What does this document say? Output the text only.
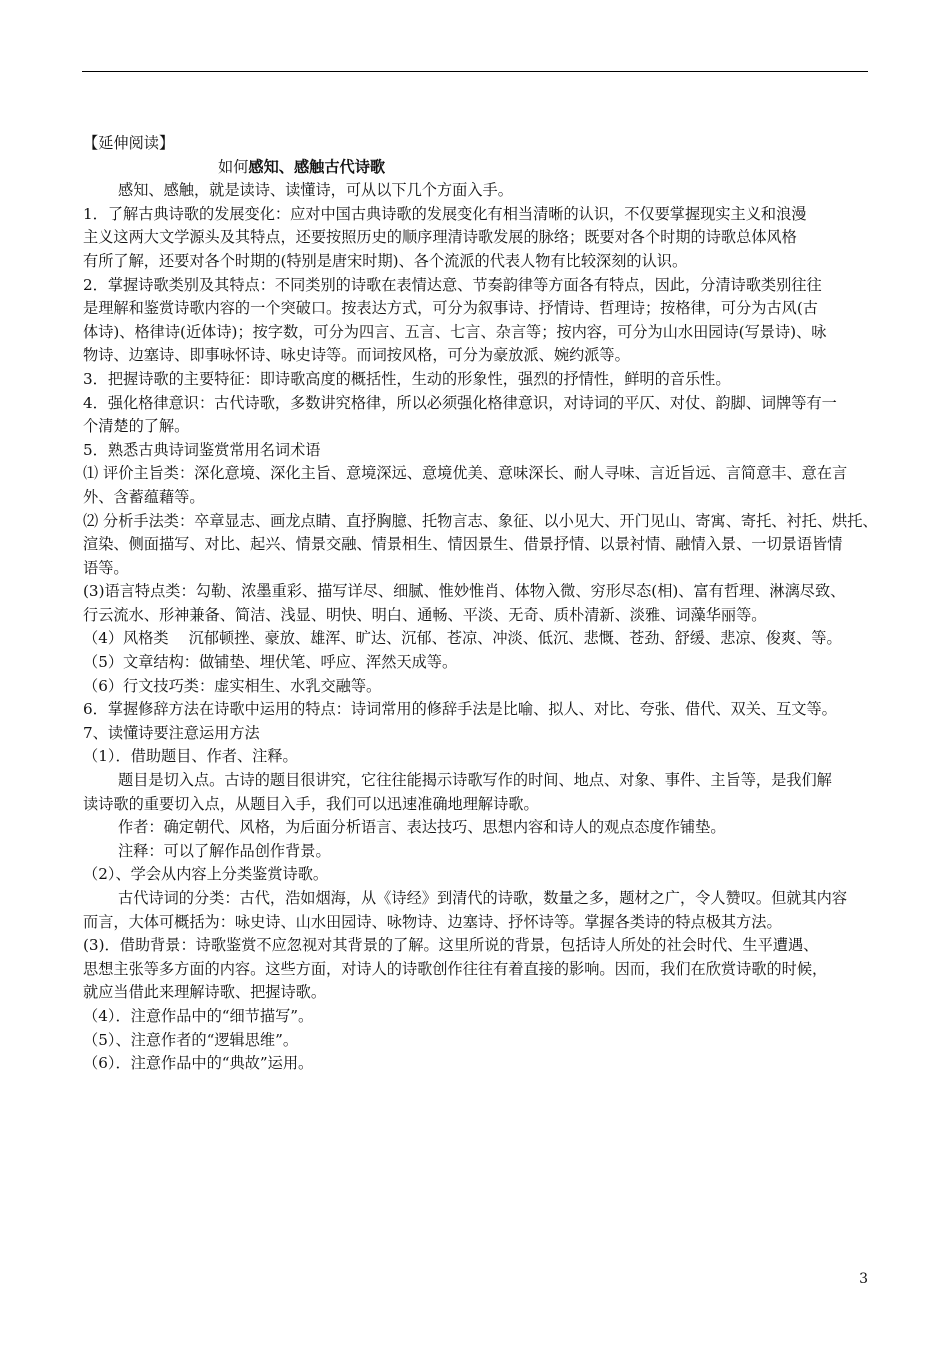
【延伸阅读】
如何感知、感触古代诗歌
感知、感触，就是读诗、读懂诗，可从以下几个方面入手。
1．了解古典诗歌的发展变化：应对中国古典诗歌的发展变化有相当清晰的认识，不仅要掌握现实主义和浪漫
主义这两大文学源头及其特点，还要按照历史的顺序理清诗歌发展的脉络；既要对各个时期的诗歌总体风格
有所了解，还要对各个时期的(特别是唐宋时期)、各个流派的代表人物有比较深刻的认识。
2．掌握诗歌类别及其特点：不同类别的诗歌在表情达意、节奏韵律等方面各有特点，因此，分清诗歌类别往往
是理解和鉴赏诗歌内容的一个突破口。按表达方式，可分为叙事诗、抒情诗、哲理诗；按格律，可分为古风(古
体诗)、格律诗(近体诗)；按字数，可分为四言、五言、七言、杂言等；按内容，可分为山水田园诗(写景诗)、咏
物诗、边塞诗、即事咏怀诗、咏史诗等。而词按风格，可分为豪放派、婉约派等。
3．把握诗歌的主要特征：即诗歌高度的概括性，生动的形象性，强烈的抒情性，鲜明的音乐性。
4．强化格律意识：古代诗歌，多数讲究格律，所以必须强化格律意识，对诗词的平仄、对仗、韵脚、词牌等有一
个清楚的了解。
5．熟悉古典诗词鉴赏常用名词术语
⑴ 评价主旨类：深化意境、深化主旨、意境深远、意境优美、意味深长、耐人寻味、言近旨远、言简意丰、意在言
外、含蓄蕴藉等。
⑵ 分析手法类：卒章显志、画龙点睛、直抒胸臆、托物言志、象征、以小见大、开门见山、寄寓、寄托、衬托、烘托、
渲染、侧面描写、对比、起兴、情景交融、情景相生、情因景生、借景抒情、以景衬情、融情入景、一切景语皆情
语等。
(3)语言特点类：勾勒、浓墨重彩、描写详尽、细腻、惟妙惟肖、体物入微、穷形尽态(相)、富有哲理、淋漓尽致、
行云流水、形神兼备、简洁、浅显、明快、明白、通畅、平淡、无奇、质朴清新、淡雅、词藻华丽等。
（4）风格类　 沉郁顿挫、豪放、雄浑、旷达、沉郁、苍凉、冲淡、低沉、悲慨、苍劲、舒缓、悲凉、俊爽、等。
（5）文章结构：做铺垫、埋伏笔、呼应、浑然天成等。
（6）行文技巧类：虚实相生、水乳交融等。
6．掌握修辞方法在诗歌中运用的特点：诗词常用的修辞手法是比喻、拟人、对比、夸张、借代、双关、互文等。
7、读懂诗要注意运用方法
（1）．借助题目、作者、注释。
题目是切入点。古诗的题目很讲究，它往往能揭示诗歌写作的时间、地点、对象、事件、主旨等，是我们解
读诗歌的重要切入点，从题目入手，我们可以迅速准确地理解诗歌。
作者：确定朝代、风格，为后面分析语言、表达技巧、思想内容和诗人的观点态度作铺垫。
注释：可以了解作品创作背景。
（2）、学会从内容上分类鉴赏诗歌。
古代诗词的分类：古代，浩如烟海，从《诗经》到清代的诗歌，数量之多，题材之广，令人赞叹。但就其内容
而言，大体可概括为：咏史诗、山水田园诗、咏物诗、边塞诗、抒怀诗等。掌握各类诗的特点极其方法。
(3)．借助背景：诗歌鉴赏不应忽视对其背景的了解。这里所说的背景，包括诗人所处的社会时代、生平遭遇、
思想主张等多方面的内容。这些方面，对诗人的诗歌创作往往有着直接的影响。因而，我们在欣赏诗歌的时候，
就应当借此来理解诗歌、把握诗歌。
（4）．注意作品中的“细节描写”。
（5）、注意作者的“逻辑思维”。
（6）．注意作品中的“典故”运用。
3
